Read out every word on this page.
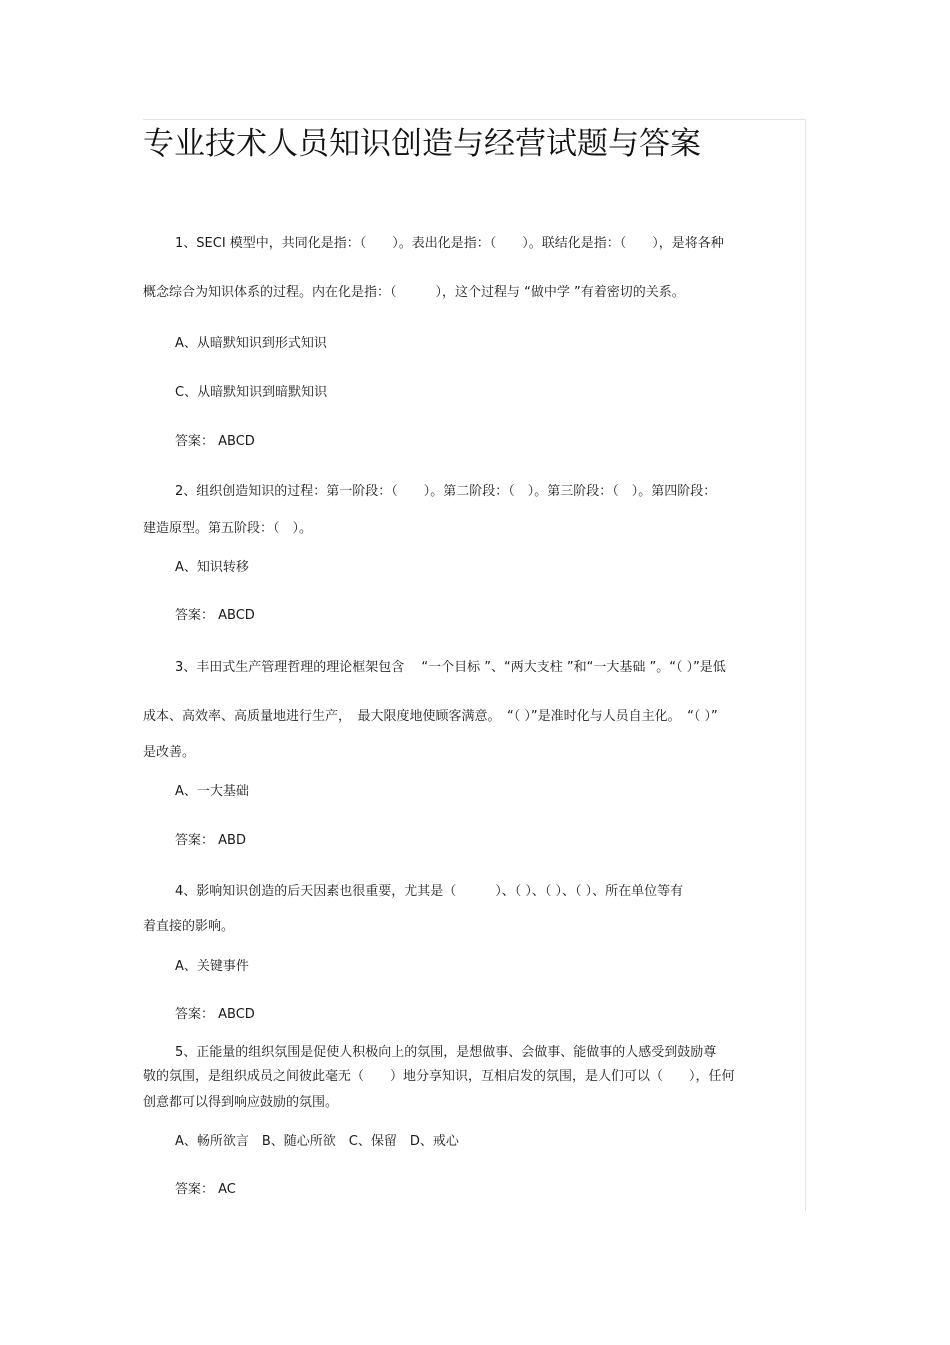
专业技术人员知识创造与经营试题与答案
1、SECI 模型中，共同化是指：（　　）。表出化是指：（　　）。联结化是指：（　　），是将各种
概念综合为知识体系的过程。内在化是指：（　　　），这个过程与 “做中学 ”有着密切的关系。
A、从暗默知识到形式知识
C、从暗默知识到暗默知识
答案： ABCD
2、组织创造知识的过程：第一阶段：（　　）。第二阶段：（　）。第三阶段：（　）。第四阶段：
建造原型。第五阶段：（　）。
A、知识转移
答案： ABCD
3、丰田式生产管理哲理的理论框架包含　 “一个目标 ”、“两大支柱 ”和“一大基础 ”。“（ ）”是低
成本、高效率、高质量地进行生产，　最大限度地使顾客满意。　“（ ）”是准时化与人员自主化。　“（ ）”
是改善。
A、一大基础
答案： ABD
4、影响知识创造的后天因素也很重要，尤其是（　　　）、（ ）、（ ）、（ ）、所在单位等有
着直接的影响。
A、关键事件
答案： ABCD
5、正能量的组织氛围是促使人积极向上的氛围，是想做事、会做事、能做事的人感受到鼓励尊
敬的氛围，是组织成员之间彼此毫无（　　）地分享知识，互相启发的氛围，是人们可以（　　），任何
创意都可以得到响应鼓励的氛围。
A、畅所欲言　B、随心所欲　C、保留　D、戒心
答案： AC
